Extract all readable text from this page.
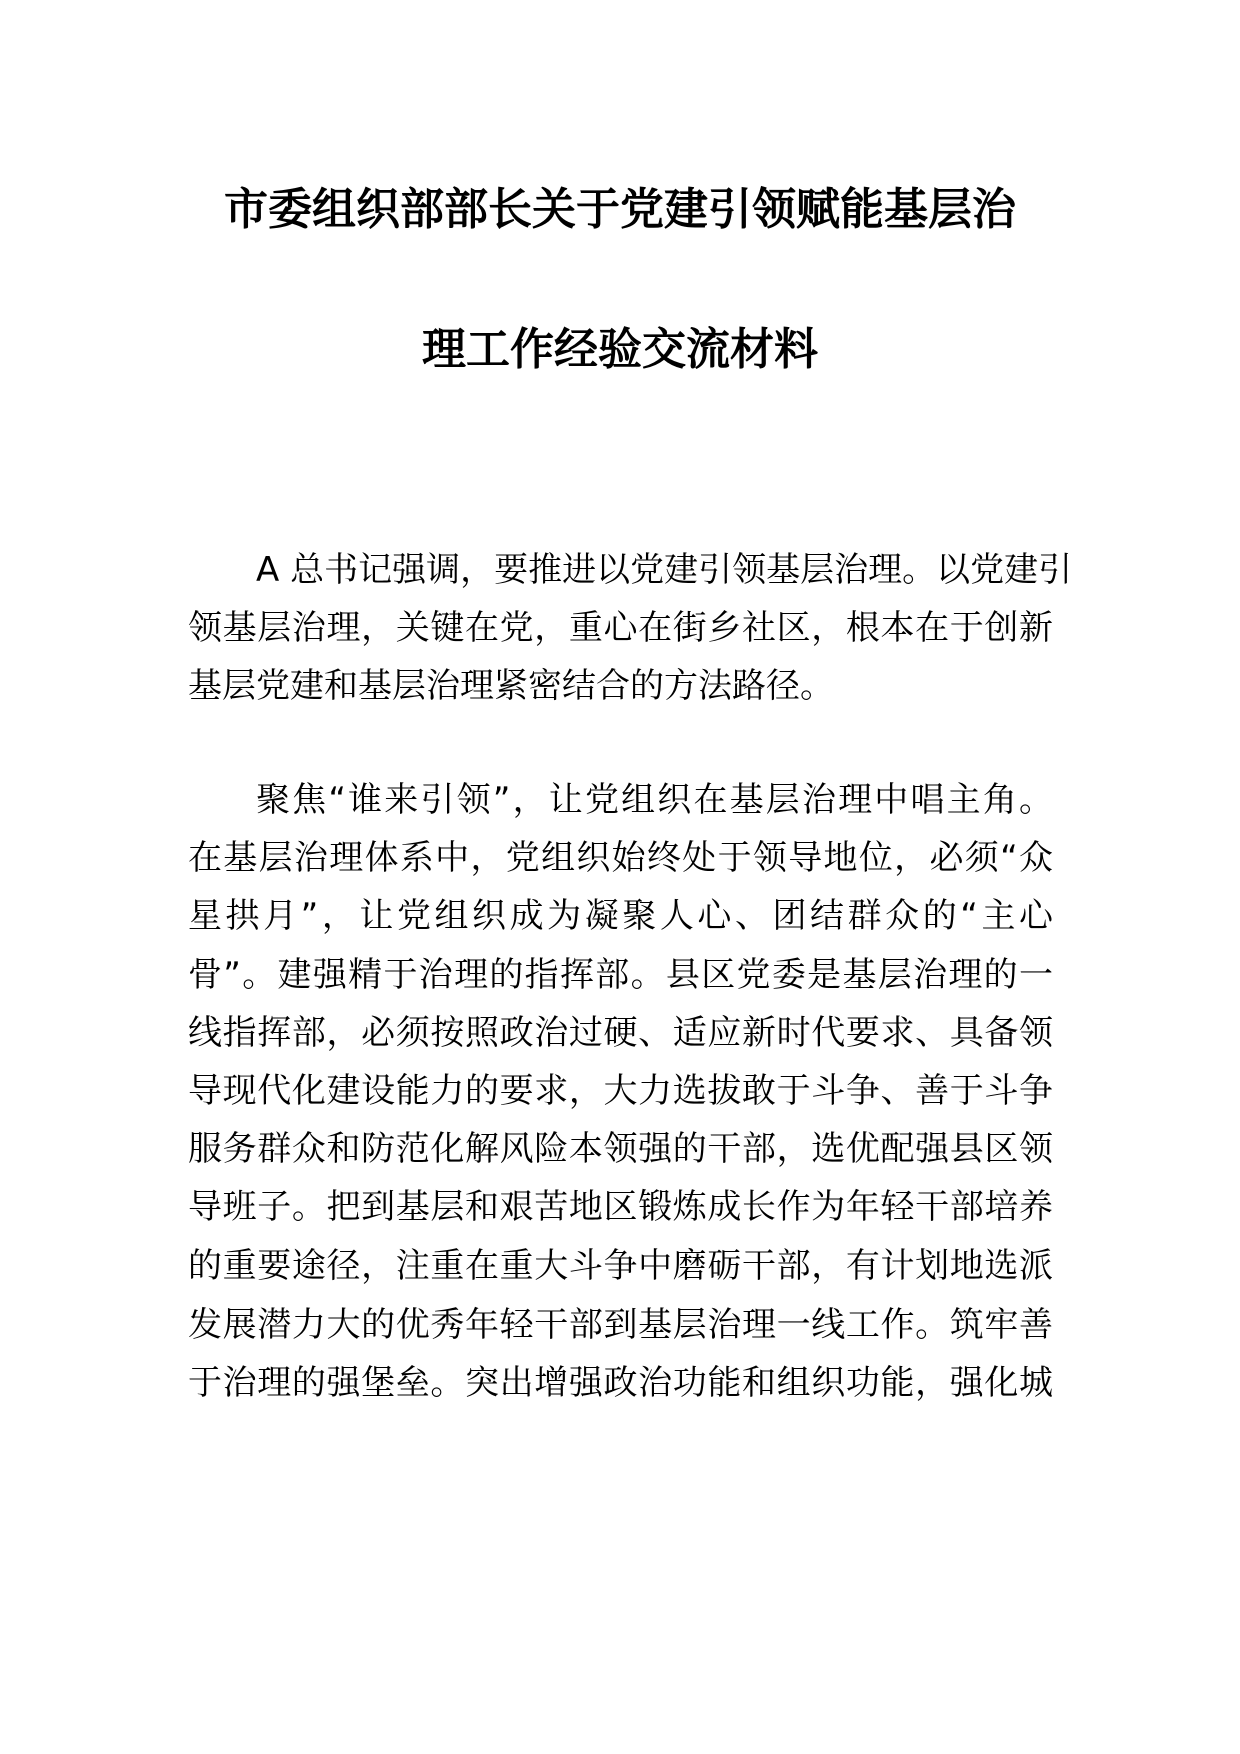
市委组织部部长关于党建引领赋能基层治
理工作经验交流材料
A 总书记强调，要推进以党建引领基层治理。以党建引
领基层治理，关键在党，重心在街乡社区，根本在于创新
基层党建和基层治理紧密结合的方法路径。
聚焦“谁来引领”，让党组织在基层治理中唱主角。
在基层治理体系中，党组织始终处于领导地位，必须“众
星拱月”，让党组织成为凝聚人心、团结群众的“主心
骨”。建强精于治理的指挥部。县区党委是基层治理的一
线指挥部，必须按照政治过硬、适应新时代要求、具备领
导现代化建设能力的要求，大力选拔敢于斗争、善于斗争
服务群众和防范化解风险本领强的干部，选优配强县区领
导班子。把到基层和艰苦地区锻炼成长作为年轻干部培养
的重要途径，注重在重大斗争中磨砺干部，有计划地选派
发展潜力大的优秀年轻干部到基层治理一线工作。筑牢善
于治理的强堡垒。突出增强政治功能和组织功能，强化城
